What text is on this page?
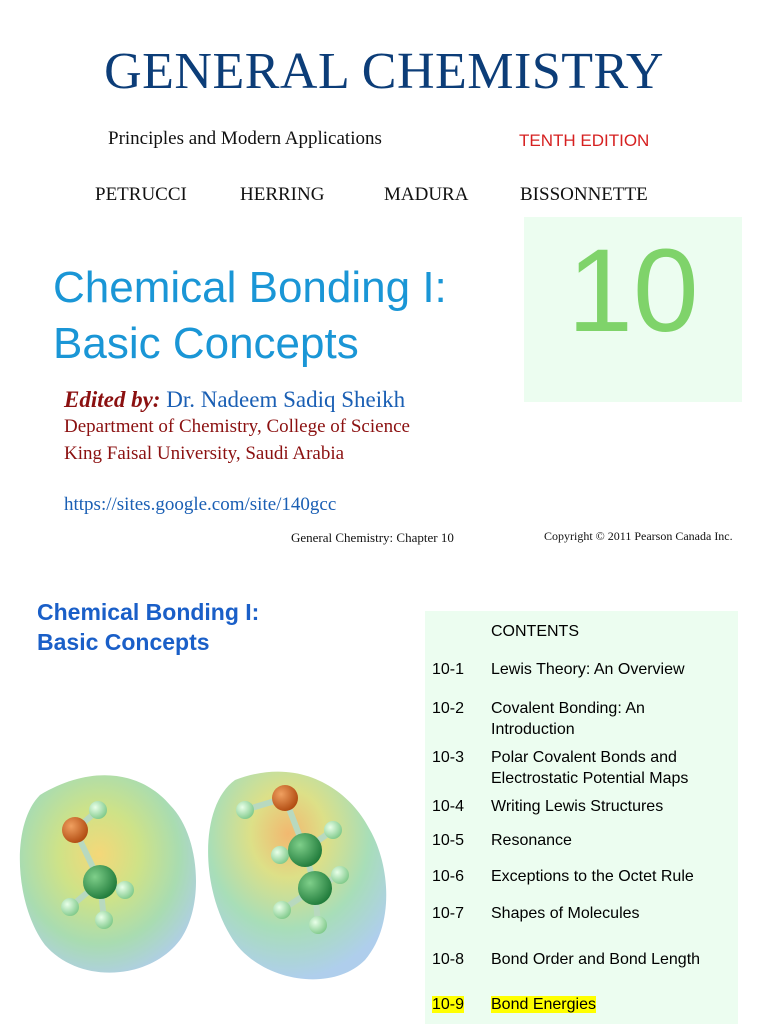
GENERAL CHEMISTRY
Principles and Modern Applications	TENTH EDITION
PETRUCCI	HERRING	MADURA	BISSONNETTE
10
Chemical Bonding I:
Basic Concepts
Edited by: Dr. Nadeem Sadiq Sheikh
Department of Chemistry, College of Science
King Faisal University, Saudi Arabia
https://sites.google.com/site/140gcc
General Chemistry: Chapter 10	Copyright © 2011 Pearson Canada Inc.
Chemical Bonding I:
Basic Concepts	CONTENTS
10-1 Lewis Theory: An Overview
10-2 Covalent Bonding: An Introduction
10-3 Polar Covalent Bonds and Electrostatic Potential Maps
10-4 Writing Lewis Structures
10-5 Resonance
10-6 Exceptions to the Octet Rule
10-7 Shapes of Molecules
10-8 Bond Order and Bond Length
10-9 Bond Energies
